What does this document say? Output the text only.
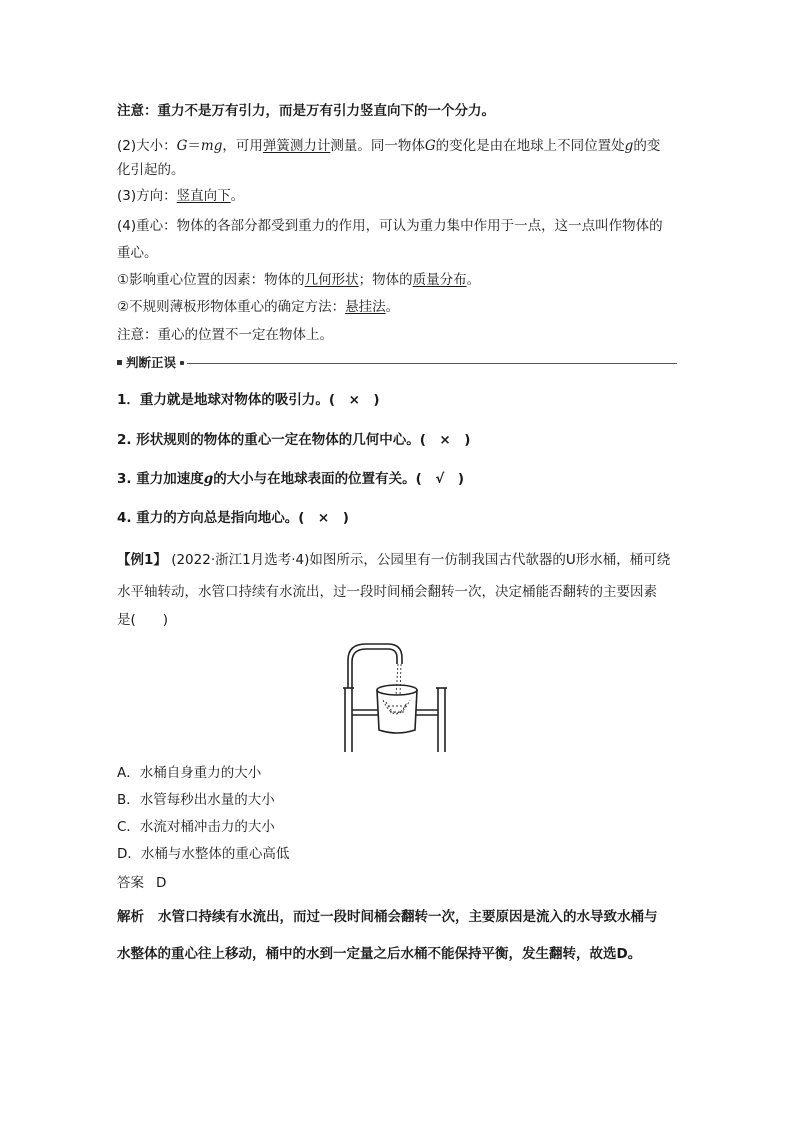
注意：重力不是万有引力，而是万有引力竖直向下的一个分力。
(2)大小：G＝mg，可用弹簧测力计测量。同一物体G的变化是由在地球上不同位置处g的变
化引起的。
(3)方向：竖直向下。
(4)重心：物体的各部分都受到重力的作用，可认为重力集中作用于一点，这一点叫作物体的
重心。
①影响重心位置的因素：物体的几何形状；物体的质量分布。
②不规则薄板形物体重心的确定方法：悬挂法。
注意：重心的位置不一定在物体上。
判断正误
1．重力就是地球对物体的吸引力。(　×　)
2. 形状规则的物体的重心一定在物体的几何中心。(　×　)
3. 重力加速度g的大小与在地球表面的位置有关。(　√　)
4. 重力的方向总是指向地心。(　×　)
【例1】 (2022·浙江1月选考·4)如图所示，公园里有一仿制我国古代欹器的U形水桶，桶可绕
水平轴转动，水管口持续有水流出，过一段时间桶会翻转一次，决定桶能否翻转的主要因素
是(　　)
A．水桶自身重力的大小
B．水管每秒出水量的大小
C．水流对桶冲击力的大小
D．水桶与水整体的重心高低
答案 D
解析 水管口持续有水流出，而过一段时间桶会翻转一次，主要原因是流入的水导致水桶与
水整体的重心往上移动，桶中的水到一定量之后水桶不能保持平衡，发生翻转，故选D。
